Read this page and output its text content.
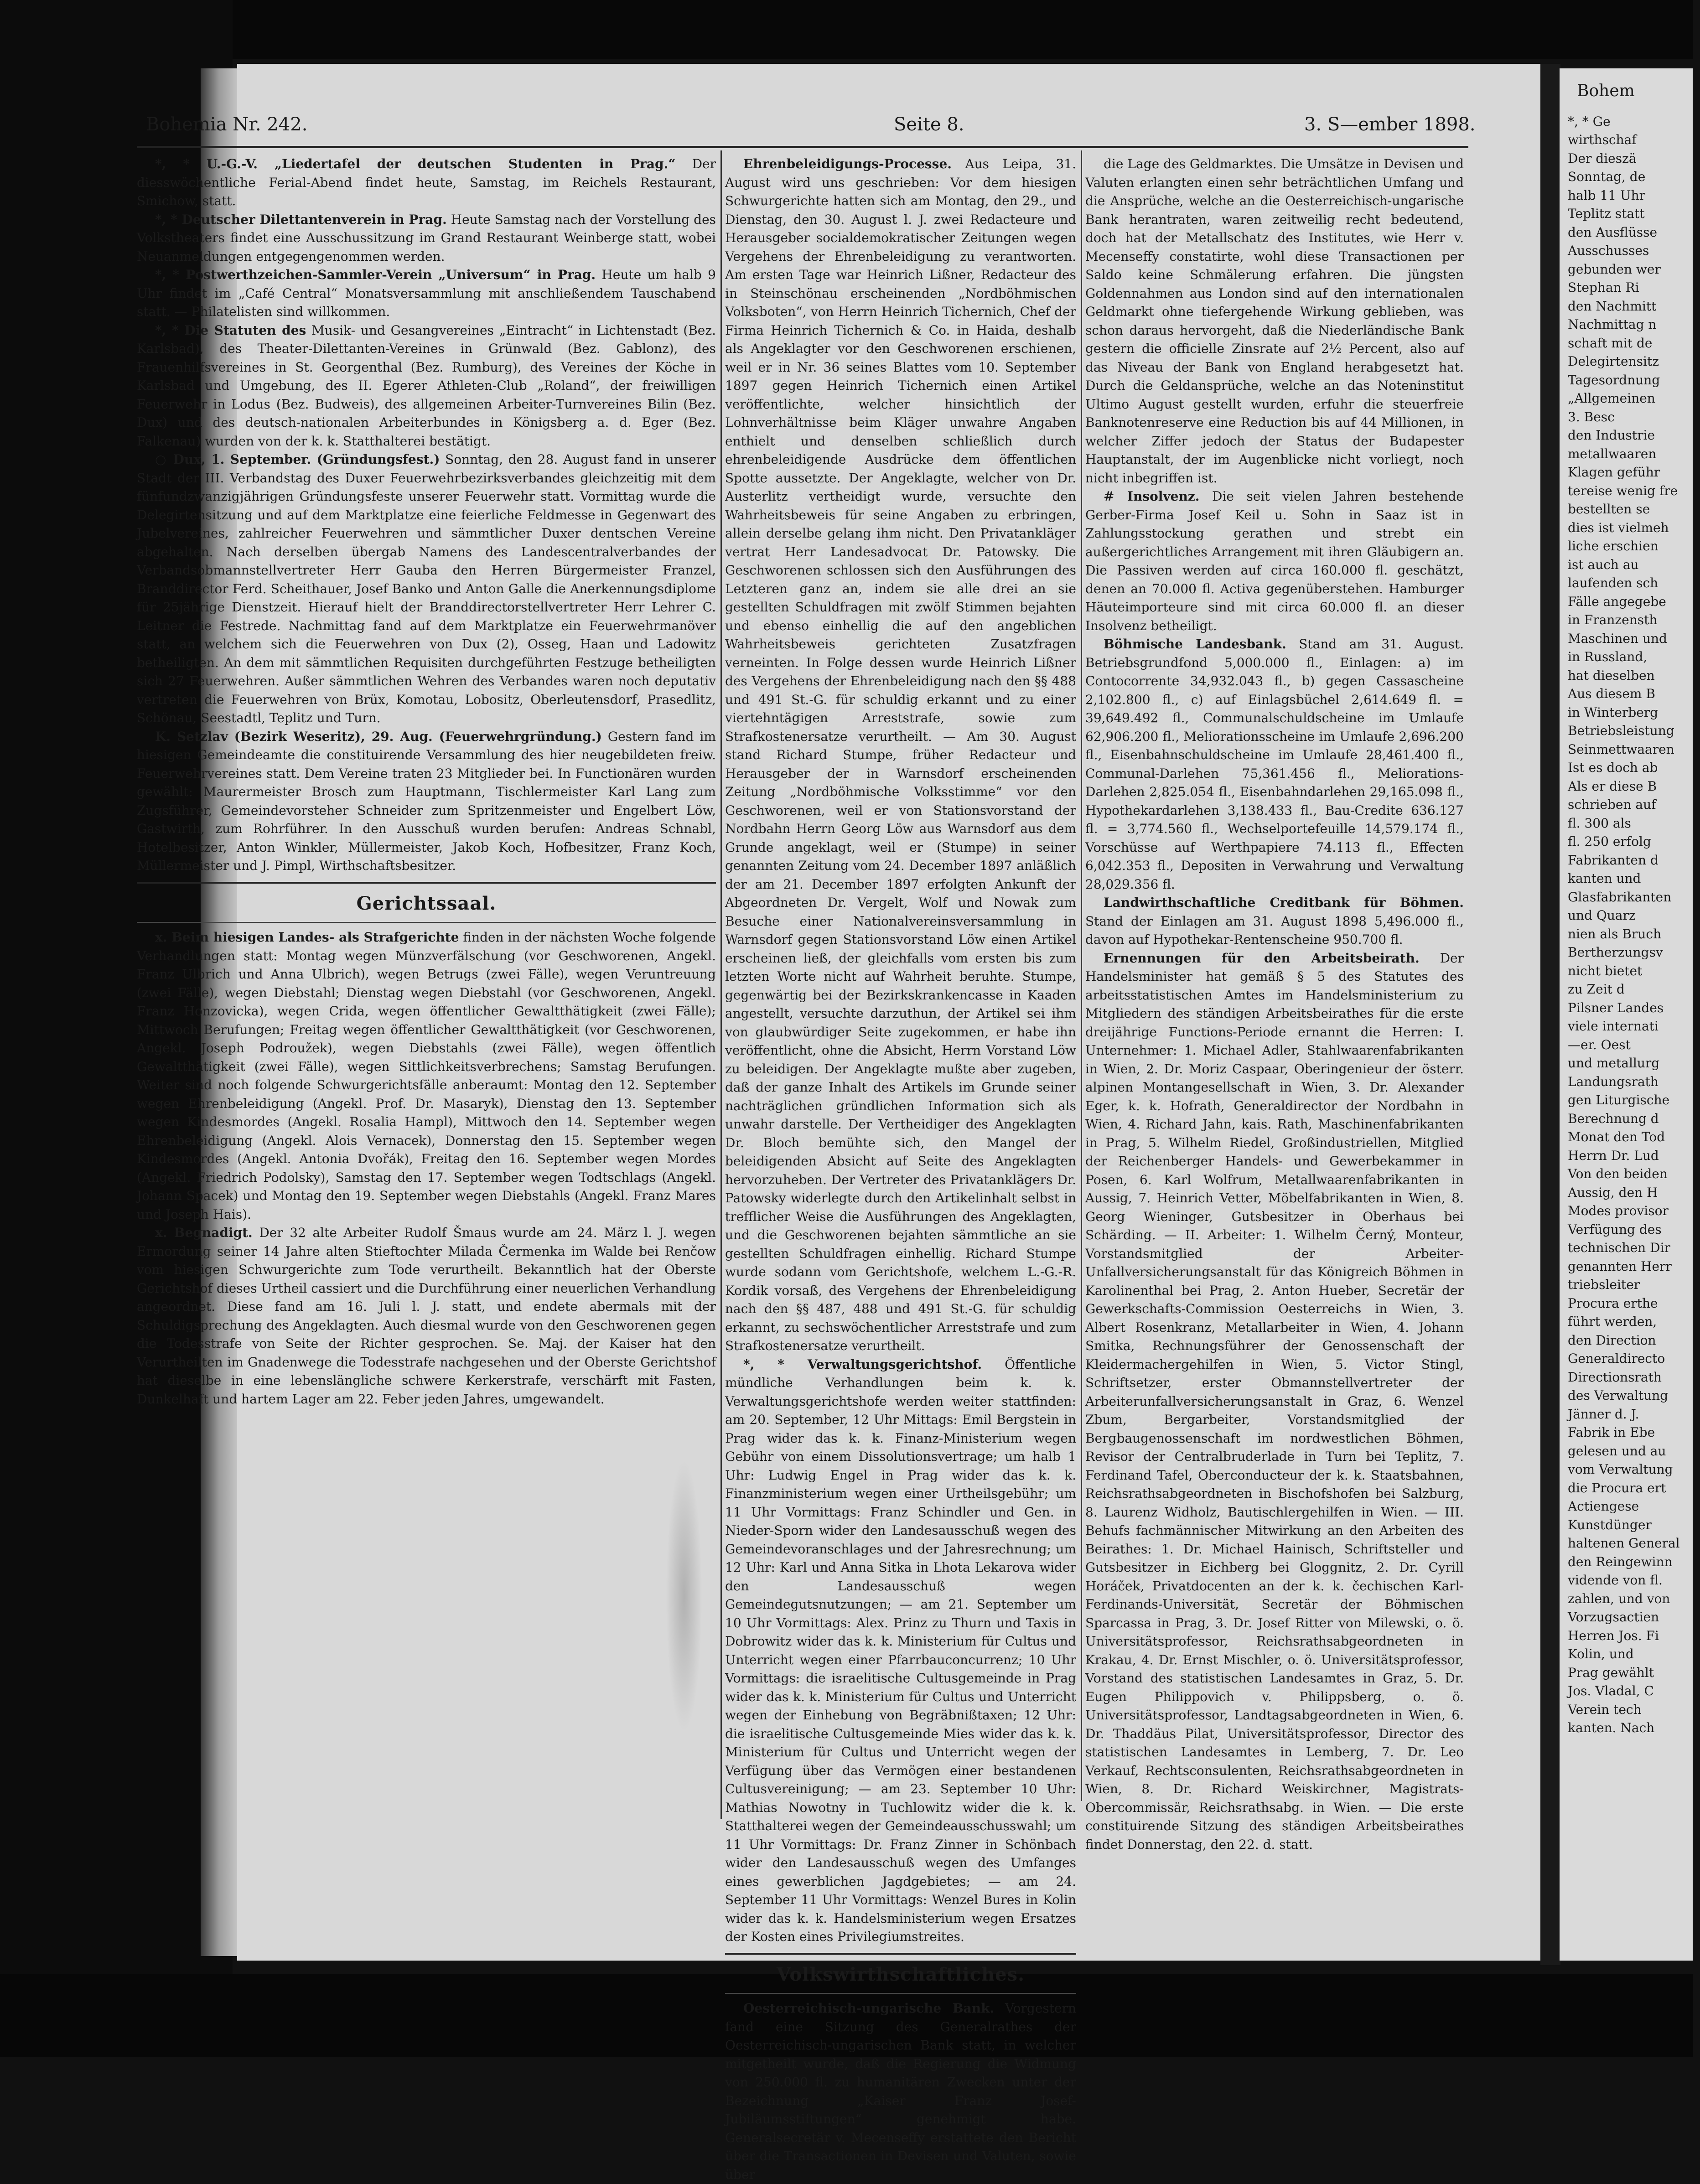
Bohem

*, * Ge

wirthschaf

Der dieszä

Sonntag, de

halb 11 Uhr

Teplitz statt

den Ausflüsse

Ausschusses

gebunden wer

Stephan Ri

den Nachmitt

Nachmittag n

schaft mit de

Delegirtensitz

Tagesordnung

„Allgemeinen

3. Besc

den Industrie

metallwaaren

Klagen geführ

tereise wenig fre

bestellten se

dies ist vielmeh

liche erschien

ist auch au

laufenden sch

Fälle angegebe

in Franzensth

Maschinen und

in Russland,

hat dieselben

Aus diesem B

in Winterberg

Betriebsleistung

Seinmettwaaren

Ist es doch ab

Als er diese B

schrieben auf

fl. 300 als

fl. 250 erfolg

Fabrikanten d

kanten und

Glasfabrikanten

und Quarz

nien als Bruch

Bertherzungsv

nicht bietet

zu Zeit d

Pilsner Landes

viele internati

—er. Oest

und metallurg

Landungsrath

gen Liturgische

Berechnung d

Monat den Tod

Herrn Dr. Lud

Von den beiden

Aussig, den H

Modes provisor

Verfügung des

technischen Dir

genannten Herr

triebsleiter

Procura erthe

führt werden,

den Direction

Generaldirecto

Directionsrath

des Verwaltung

Jänner d. J.

Fabrik in Ebe

gelesen und au

vom Verwaltung

die Procura ert

Actiengese

Kunstdünger

haltenen General

den Reingewinn

vidende von fl.

zahlen, und von

Vorzugsactien

Herren Jos. Fi

Kolin, und

Prag gewählt

Jos. Vladal, C

Verein tech

kanten. Nach

Bohemia Nr. 242.	Seite 8.	3. S—ember 1898.

*, * U.-G.-V. „Liedertafel der deutschen Studenten in Prag.“ Der diesswöchentliche Ferial-Abend findet heute, Samstag, im Reichels Restaurant, Smichow, statt.

*, * Deutscher Dilettantenverein in Prag. Heute Samstag nach der Vorstellung des Volkstheaters findet eine Ausschussitzung im Grand Restaurant Weinberge statt, wobei Neuanmeldungen entgegengenommen werden.

*, * Postwerthzeichen-Sammler-Verein „Universum“ in Prag. Heute um halb 9 Uhr findet im „Café Central“ Monatsversammlung mit anschließendem Tauschabend statt. — Philatelisten sind willkommen.

*, * Die Statuten des Musik- und Gesangvereines „Eintracht“ in Lichtenstadt (Bez. Karlsbad), des Theater-Dilettanten-Vereines in Grünwald (Bez. Gablonz), des Frauenhilfsvereines in St. Georgenthal (Bez. Rumburg), des Vereines der Köche in Karlsbad und Umgebung, des II. Egerer Athleten-Club „Roland“, der freiwilligen Feuerwehr in Lodus (Bez. Budweis), des allgemeinen Arbeiter-Turnvereines Bilin (Bez. Dux) und des deutsch-nationalen Arbeiterbundes in Königsberg a. d. Eger (Bez. Falkenau) wurden von der k. k. Statthalterei bestätigt.

○ Dux, 1. September. (Gründungsfest.) Sonntag, den 28. August fand in unserer Stadt der III. Verbandstag des Duxer Feuerwehrbezirksverbandes gleichzeitig mit dem fünfundzwanzigjährigen Gründungsfeste unserer Feuerwehr statt. Vormittag wurde die Delegirtensitzung und auf dem Marktplatze eine feierliche Feldmesse in Gegenwart des Jubelvereines, zahlreicher Feuerwehren und sämmtlicher Duxer dentschen Vereine abgehalten. Nach derselben übergab Namens des Landescentralverbandes der Verbandsobmannstellvertreter Herr Gauba den Herren Bürgermeister Franzel, Branddirector Ferd. Scheithauer, Josef Banko und Anton Galle die Anerkennungsdiplome für 25jährige Dienstzeit. Hierauf hielt der Branddirectorstellvertreter Herr Lehrer C. Leitner die Festrede. Nachmittag fand auf dem Marktplatze ein Feuerwehrmanöver statt, an welchem sich die Feuerwehren von Dux (2), Osseg, Haan und Ladowitz betheiligten. An dem mit sämmtlichen Requisiten durchgeführten Festzuge betheiligten sich 27 Feuerwehren. Außer sämmtlichen Wehren des Verbandes waren noch deputativ vertreten die Feuerwehren von Brüx, Komotau, Lobositz, Oberleutensdorf, Prasedlitz, Schönau, Seestadtl, Teplitz und Turn.

K. Setzlav (Bezirk Weseritz), 29. Aug. (Feuerwehrgründung.) Gestern fand im hiesigen Gemeindeamte die constituirende Versammlung des hier neugebildeten freiw. Feuerwehrvereines statt. Dem Vereine traten 23 Mitglieder bei. In Functionären wurden gewählt: Maurermeister Brosch zum Hauptmann, Tischlermeister Karl Lang zum Zugsführer, Gemeindevorsteher Schneider zum Spritzenmeister und Engelbert Löw, Gastwirth, zum Rohrführer. In den Ausschuß wurden berufen: Andreas Schnabl, Hotelbesitzer, Anton Winkler, Müllermeister, Jakob Koch, Hofbesitzer, Franz Koch, Müllermeister und J. Pimpl, Wirthschaftsbesitzer.

Gerichtssaal.

x. Beim hiesigen Landes- als Strafgerichte finden in der nächsten Woche folgende Verhandlungen statt: Montag wegen Münzverfälschung (vor Geschworenen, Angekl. Franz Ulbrich und Anna Ulbrich), wegen Betrugs (zwei Fälle), wegen Veruntreuung (zwei Fälle), wegen Diebstahl; Dienstag wegen Diebstahl (vor Geschworenen, Angekl. Franz Honzovicka), wegen Crida, wegen öffentlicher Gewaltthätigkeit (zwei Fälle); Mittwoch Berufungen; Freitag wegen öffentlicher Gewaltthätigkeit (vor Geschworenen, Angekl. Joseph Podroužek), wegen Diebstahls (zwei Fälle), wegen öffentlich Gewaltthätigkeit (zwei Fälle), wegen Sittlichkeitsverbrechens; Samstag Berufungen. Weiter sind noch folgende Schwurgerichtsfälle anberaumt: Montag den 12. September wegen Ehrenbeleidigung (Angekl. Prof. Dr. Masaryk), Dienstag den 13. September wegen Kindesmordes (Angekl. Rosalia Hampl), Mittwoch den 14. September wegen Ehrenbeleidigung (Angekl. Alois Vernacek), Donnerstag den 15. September wegen Kindesmordes (Angekl. Antonia Dvořák), Freitag den 16. September wegen Mordes (Angekl. Friedrich Podolsky), Samstag den 17. September wegen Todtschlags (Angekl. Johann Spacek) und Montag den 19. September wegen Diebstahls (Angekl. Franz Mares und Joseph Hais).

x. Begnadigt. Der 32 alte Arbeiter Rudolf Šmaus wurde am 24. März l. J. wegen Ermordung seiner 14 Jahre alten Stieftochter Milada Čermenka im Walde bei Renčow vom hiesigen Schwurgerichte zum Tode verurtheilt. Bekanntlich hat der Oberste Gerichtshof dieses Urtheil cassiert und die Durchführung einer neuerlichen Verhandlung angeordnet. Diese fand am 16. Juli l. J. statt, und endete abermals mit der Schuldigsprechung des Angeklagten. Auch diesmal wurde von den Geschworenen gegen die Todesstrafe von Seite der Richter gesprochen. Se. Maj. der Kaiser hat den Verurtheilten im Gnadenwege die Todesstrafe nachgesehen und der Oberste Gerichtshof hat dieselbe in eine lebenslängliche schwere Kerkerstrafe, verschärft mit Fasten, Dunkelhaft und hartem Lager am 22. Feber jeden Jahres, umgewandelt.

Ehrenbeleidigungs-Processe. Aus Leipa, 31. August wird uns geschrieben: Vor dem hiesigen Schwurgerichte hatten sich am Montag, den 29., und Dienstag, den 30. August l. J. zwei Redacteure und Herausgeber socialdemokratischer Zeitungen wegen Vergehens der Ehrenbeleidigung zu verantworten. Am ersten Tage war Heinrich Lißner, Redacteur des in Steinschönau erscheinenden „Nordböhmischen Volksboten“, von Herrn Heinrich Tichernich, Chef der Firma Heinrich Tichernich & Co. in Haida, deshalb als Angeklagter vor den Geschworenen erschienen, weil er in Nr. 36 seines Blattes vom 10. September 1897 gegen Heinrich Tichernich einen Artikel veröffentlichte, welcher hinsichtlich der Lohnverhältnisse beim Kläger unwahre Angaben enthielt und denselben schließlich durch ehrenbeleidigende Ausdrücke dem öffentlichen Spotte aussetzte. Der Angeklagte, welcher von Dr. Austerlitz vertheidigt wurde, versuchte den Wahrheitsbeweis für seine Angaben zu erbringen, allein derselbe gelang ihm nicht. Den Privatankläger vertrat Herr Landesadvocat Dr. Patowsky. Die Geschworenen schlossen sich den Ausführungen des Letzteren ganz an, indem sie alle drei an sie gestellten Schuldfragen mit zwölf Stimmen bejahten und ebenso einhellig die auf den angeblichen Wahrheitsbeweis gerichteten Zusatzfragen verneinten. In Folge dessen wurde Heinrich Lißner des Vergehens der Ehrenbeleidigung nach den §§ 488 und 491 St.-G. für schuldig erkannt und zu einer viertehntägigen Arreststrafe, sowie zum Strafkostenersatze verurtheilt. — Am 30. August stand Richard Stumpe, früher Redacteur und Herausgeber der in Warnsdorf erscheinenden Zeitung „Nordböhmische Volksstimme“ vor den Geschworenen, weil er von Stationsvorstand der Nordbahn Herrn Georg Löw aus Warnsdorf aus dem Grunde angeklagt, weil er (Stumpe) in seiner genannten Zeitung vom 24. December 1897 anläßlich der am 21. December 1897 erfolgten Ankunft der Abgeordneten Dr. Vergelt, Wolf und Nowak zum Besuche einer Nationalvereinsversammlung in Warnsdorf gegen Stationsvorstand Löw einen Artikel erscheinen ließ, der gleichfalls vom ersten bis zum letzten Worte nicht auf Wahrheit beruhte. Stumpe, gegenwärtig bei der Bezirkskrankencasse in Kaaden angestellt, versuchte darzuthun, der Artikel sei ihm von glaubwürdiger Seite zugekommen, er habe ihn veröffentlicht, ohne die Absicht, Herrn Vorstand Löw zu beleidigen. Der Angeklagte mußte aber zugeben, daß der ganze Inhalt des Artikels im Grunde seiner nachträglichen gründlichen Information sich als unwahr darstelle. Der Vertheidiger des Angeklagten Dr. Bloch bemühte sich, den Mangel der beleidigenden Absicht auf Seite des Angeklagten hervorzuheben. Der Vertreter des Privatanklägers Dr. Patowsky widerlegte durch den Artikelinhalt selbst in trefflicher Weise die Ausführungen des Angeklagten, und die Geschworenen bejahten sämmtliche an sie gestellten Schuldfragen einhellig. Richard Stumpe wurde sodann vom Gerichtshofe, welchem L.-G.-R. Kordik vorsaß, des Vergehens der Ehrenbeleidigung nach den §§ 487, 488 und 491 St.-G. für schuldig erkannt, zu sechswöchentlicher Arreststrafe und zum Strafkostenersatze verurtheilt.

*, * Verwaltungsgerichtshof. Öffentliche mündliche Verhandlungen beim k. k. Verwaltungsgerichtshofe werden weiter stattfinden: am 20. September, 12 Uhr Mittags: Emil Bergstein in Prag wider das k. k. Finanz-Ministerium wegen Gebühr von einem Dissolutionsvertrage; um halb 1 Uhr: Ludwig Engel in Prag wider das k. k. Finanzministerium wegen einer Urtheilsgebühr; um 11 Uhr Vormittags: Franz Schindler und Gen. in Nieder-Sporn wider den Landesausschuß wegen des Gemeindevoranschlages und der Jahresrechnung; um 12 Uhr: Karl und Anna Sitka in Lhota Lekarova wider den Landesausschuß wegen Gemeindegutsnutzungen; — am 21. September um 10 Uhr Vormittags: Alex. Prinz zu Thurn und Taxis in Dobrowitz wider das k. k. Ministerium für Cultus und Unterricht wegen einer Pfarrbauconcurrenz; 10 Uhr Vormittags: die israelitische Cultusgemeinde in Prag wider das k. k. Ministerium für Cultus und Unterricht wegen der Einhebung von Begräbnißtaxen; 12 Uhr: die israelitische Cultusgemeinde Mies wider das k. k. Ministerium für Cultus und Unterricht wegen der Verfügung über das Vermögen einer bestandenen Cultusvereinigung; — am 23. September 10 Uhr: Mathias Nowotny in Tuchlowitz wider die k. k. Statthalterei wegen der Gemeindeausschusswahl; um 11 Uhr Vormittags: Dr. Franz Zinner in Schönbach wider den Landesausschuß wegen des Umfanges eines gewerblichen Jagdgebietes; — am 24. September 11 Uhr Vormittags: Wenzel Bures in Kolin wider das k. k. Handelsministerium wegen Ersatzes der Kosten eines Privilegiumstreites.

Volkswirthschaftliches.

Oesterreichisch-ungarische Bank. Vorgestern fand eine Sitzung des Generalrathes der Oesterreichisch-ungarischen Bank statt, in welcher mitgetheilt wurde, daß die Regierung die Widmung von 250.000 fl. zu humanitären Zwecken unter der Bezeichnung „Kaiser Franz Josef-Jubiläumsstiftungen“ genehmigt habe. Generalsecretär v. Mecenseffy erstattete den Bericht über die Transactionen in Devisen und Valuten, sowie über

die Lage des Geldmarktes. Die Umsätze in Devisen und Valuten erlangten einen sehr beträchtlichen Umfang und die Ansprüche, welche an die Oesterreichisch-ungarische Bank herantraten, waren zeitweilig recht bedeutend, doch hat der Metallschatz des Institutes, wie Herr v. Mecenseffy constatirte, wohl diese Transactionen per Saldo keine Schmälerung erfahren. Die jüngsten Goldennahmen aus London sind auf den internationalen Geldmarkt ohne tiefergehende Wirkung geblieben, was schon daraus hervorgeht, daß die Niederländische Bank gestern die officielle Zinsrate auf 2½ Percent, also auf das Niveau der Bank von England herabgesetzt hat. Durch die Geldansprüche, welche an das Noteninstitut Ultimo August gestellt wurden, erfuhr die steuerfreie Banknotenreserve eine Reduction bis auf 44 Millionen, in welcher Ziffer jedoch der Status der Budapester Hauptanstalt, der im Augenblicke nicht vorliegt, noch nicht inbegriffen ist.

# Insolvenz. Die seit vielen Jahren bestehende Gerber-Firma Josef Keil u. Sohn in Saaz ist in Zahlungsstockung gerathen und strebt ein außergerichtliches Arrangement mit ihren Gläubigern an. Die Passiven werden auf circa 160.000 fl. geschätzt, denen an 70.000 fl. Activa gegenüberstehen. Hamburger Häuteimporteure sind mit circa 60.000 fl. an dieser Insolvenz betheiligt.

Böhmische Landesbank. Stand am 31. August. Betriebsgrundfond 5,000.000 fl., Einlagen: a) im Contocorrente 34,932.043 fl., b) gegen Cassascheine 2,102.800 fl., c) auf Einlagsbüchel 2,614.649 fl. = 39,649.492 fl., Communalschuldscheine im Umlaufe 62,906.200 fl., Meliorationsscheine im Umlaufe 2,696.200 fl., Eisenbahnschuldscheine im Umlaufe 28,461.400 fl., Communal-Darlehen 75,361.456 fl., Meliorations-Darlehen 2,825.054 fl., Eisenbahndarlehen 29,165.098 fl., Hypothekardarlehen 3,138.433 fl., Bau-Credite 636.127 fl. = 3,774.560 fl., Wechselportefeuille 14,579.174 fl., Vorschüsse auf Werthpapiere 74.113 fl., Effecten 6,042.353 fl., Depositen in Verwahrung und Verwaltung 28,029.356 fl.

Landwirthschaftliche Creditbank für Böhmen. Stand der Einlagen am 31. August 1898 5,496.000 fl., davon auf Hypothekar-Rentenscheine 950.700 fl.

Ernennungen für den Arbeitsbeirath. Der Handelsminister hat gemäß § 5 des Statutes des arbeitsstatistischen Amtes im Handelsministerium zu Mitgliedern des ständigen Arbeitsbeirathes für die erste dreijährige Functions-Periode ernannt die Herren: I. Unternehmer: 1. Michael Adler, Stahlwaarenfabrikanten in Wien, 2. Dr. Moriz Caspaar, Oberingenieur der österr. alpinen Montangesellschaft in Wien, 3. Dr. Alexander Eger, k. k. Hofrath, Generaldirector der Nordbahn in Wien, 4. Richard Jahn, kais. Rath, Maschinenfabrikanten in Prag, 5. Wilhelm Riedel, Großindustriellen, Mitglied der Reichenberger Handels- und Gewerbekammer in Posen, 6. Karl Wolfrum, Metallwaarenfabrikanten in Aussig, 7. Heinrich Vetter, Möbelfabrikanten in Wien, 8. Georg Wieninger, Gutsbesitzer in Oberhaus bei Schärding. — II. Arbeiter: 1. Wilhelm Černý, Monteur, Vorstandsmitglied der Arbeiter-Unfallversicherungsanstalt für das Königreich Böhmen in Karolinenthal bei Prag, 2. Anton Hueber, Secretär der Gewerkschafts-Commission Oesterreichs in Wien, 3. Albert Rosenkranz, Metallarbeiter in Wien, 4. Johann Smitka, Rechnungsführer der Genossenschaft der Kleidermachergehilfen in Wien, 5. Victor Stingl, Schriftsetzer, erster Obmannstellvertreter der Arbeiterunfallversicherungsanstalt in Graz, 6. Wenzel Zbum, Bergarbeiter, Vorstandsmitglied der Bergbaugenossenschaft im nordwestlichen Böhmen, Revisor der Centralbruderlade in Turn bei Teplitz, 7. Ferdinand Tafel, Oberconducteur der k. k. Staatsbahnen, Reichsrathsabgeordneten in Bischofshofen bei Salzburg, 8. Laurenz Widholz, Bautischlergehilfen in Wien. — III. Behufs fachmännischer Mitwirkung an den Arbeiten des Beirathes: 1. Dr. Michael Hainisch, Schriftsteller und Gutsbesitzer in Eichberg bei Gloggnitz, 2. Dr. Cyrill Horáček, Privatdocenten an der k. k. čechischen Karl-Ferdinands-Universität, Secretär der Böhmischen Sparcassa in Prag, 3. Dr. Josef Ritter von Milewski, o. ö. Universitätsprofessor, Reichsrathsabgeordneten in Krakau, 4. Dr. Ernst Mischler, o. ö. Universitätsprofessor, Vorstand des statistischen Landesamtes in Graz, 5. Dr. Eugen Philippovich v. Philippsberg, o. ö. Universitätsprofessor, Landtagsabgeordneten in Wien, 6. Dr. Thaddäus Pilat, Universitätsprofessor, Director des statistischen Landesamtes in Lemberg, 7. Dr. Leo Verkauf, Rechtsconsulenten, Reichsrathsabgeordneten in Wien, 8. Dr. Richard Weiskirchner, Magistrats-Obercommissär, Reichsrathsabg. in Wien. — Die erste constituirende Sitzung des ständigen Arbeitsbeirathes findet Donnerstag, den 22. d. statt.
